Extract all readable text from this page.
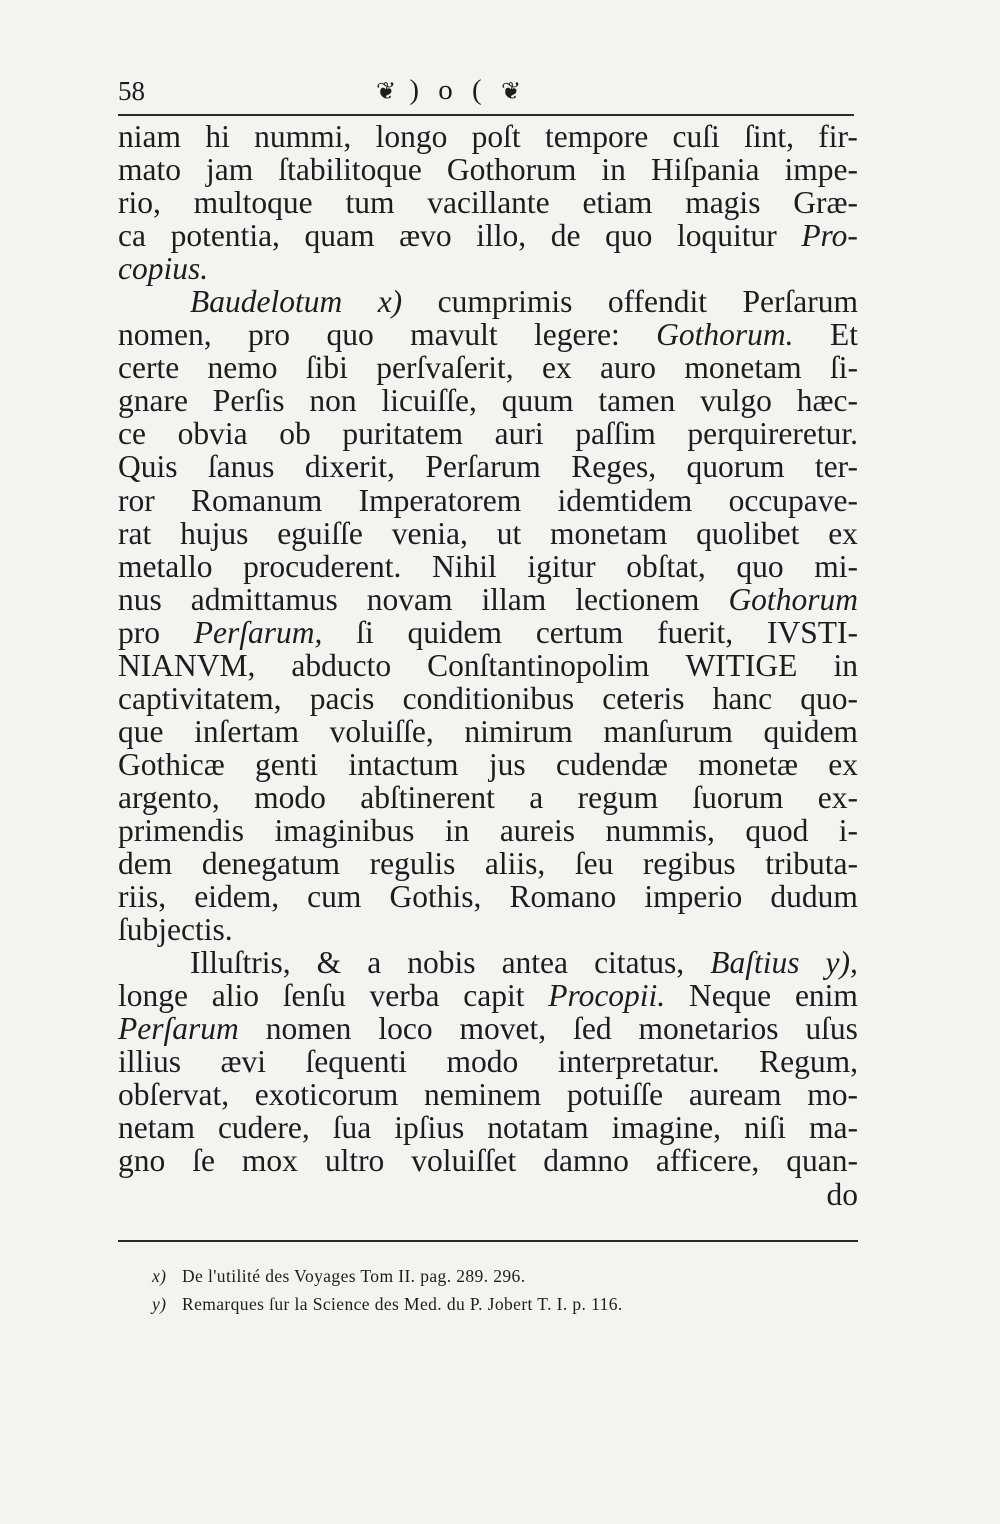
58	❦ ) o ( ❦
niam hi nummi, longo poſt tempore cuſi ſint, fir-
mato jam ſtabilitoque Gothorum in Hiſpania impe-
rio, multoque tum vacillante etiam magis Græ-
ca potentia, quam ævo illo, de quo loquitur Pro-
copius.
Baudelotum x) cumprimis offendit Perſarum
nomen, pro quo mavult legere: Gothorum. Et
certe nemo ſibi perſvaſerit, ex auro monetam ſi-
gnare Perſis non licuiſſe, quum tamen vulgo hæc-
ce obvia ob puritatem auri paſſim perquireretur.
Quis ſanus dixerit, Perſarum Reges, quorum ter-
ror Romanum Imperatorem idemtidem occupave-
rat hujus eguiſſe venia, ut monetam quolibet ex
metallo procuderent. Nihil igitur obſtat, quo mi-
nus admittamus novam illam lectionem Gothorum
pro Perſarum, ſi quidem certum fuerit, IVSTI-
NIANVM, abducto Conſtantinopolim WITIGE in
captivitatem, pacis conditionibus ceteris hanc quo-
que inſertam voluiſſe, nimirum manſurum quidem
Gothicæ genti intactum jus cudendæ monetæ ex
argento, modo abſtinerent a regum ſuorum ex-
primendis imaginibus in aureis nummis, quod i-
dem denegatum regulis aliis, ſeu regibus tributa-
riis, eidem, cum Gothis, Romano imperio dudum
ſubjectis.
Illuſtris, & a nobis antea citatus, Baſtius y),
longe alio ſenſu verba capit Procopii. Neque enim
Perſarum nomen loco movet, ſed monetarios uſus
illius ævi ſequenti modo interpretatur. Regum,
obſervat, exoticorum neminem potuiſſe auream mo-
netam cudere, ſua ipſius notatam imagine, niſi ma-
gno ſe mox ultro voluiſſet damno afficere, quan-
do
x) De l'utilité des Voyages Tom II. pag. 289. 296.
y) Remarques ſur la Science des Med. du P. Jobert T. I. p. 116.
